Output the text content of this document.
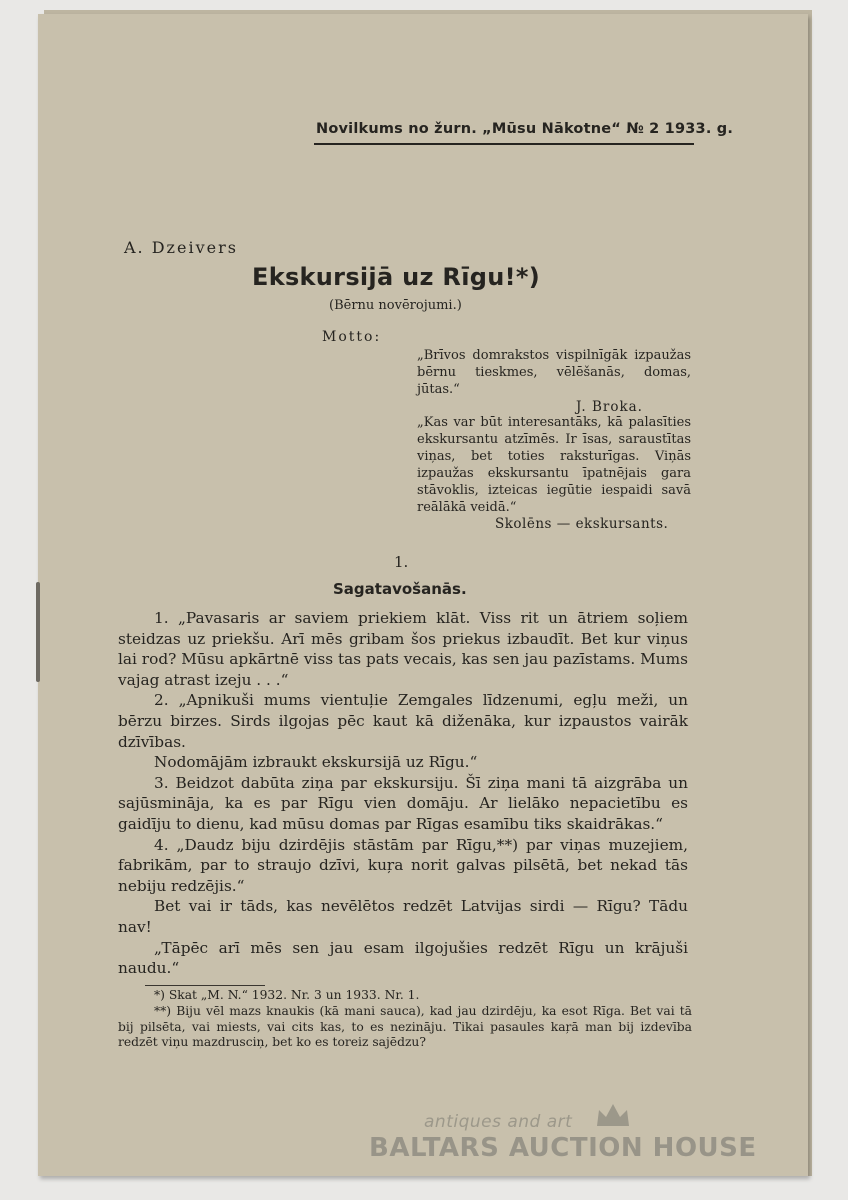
Novilkums no žurn. „Mūsu Nākotne“ № 2 1933. g.
A. Dzeivers
Ekskursijā uz Rīgu!*)
(Bērnu novērojumi.)
Motto:
„Brīvos domrakstos vispilnīgāk izpaužas bērnu tieskmes, vēlēšanās, domas, jūtas.“
J. Broka.
„Kas var būt interesantāks, kā palasīties ekskursantu atzīmēs. Ir īsas, saraustītas viņas, bet toties raksturīgas. Viņās izpaužas ekskursantu īpatnējais gara stāvoklis, izteicas iegūtie iespaidi savā reālākā veidā.“
Skolēns — ekskursants.
1.
Sagatavošanās.

1. „Pavasaris ar saviem priekiem klāt. Viss rit un ātriem soļiem steidzas uz priekšu. Arī mēs gribam šos priekus izbaudīt. Bet kur viņus lai rod? Mūsu apkārtnē viss tas pats vecais, kas sen jau pazīstams. Mums vajag atrast izeju . . .“

2. „Apnikuši mums vientuļie Zemgales līdzenumi, egļu meži, un bērzu birzes. Sirds ilgojas pēc kaut kā diženāka, kur izpaustos vairāk dzīvības.

Nodomājām izbraukt ekskursijā uz Rīgu.“

3. Beidzot dabūta ziņa par ekskursiju. Šī ziņa mani tā aizgrāba un sajūsmināja, ka es par Rīgu vien domāju. Ar lielāko nepacietību es gaidīju to dienu, kad mūsu domas par Rīgas esamību tiks skaidrākas.“

4. „Daudz biju dzirdējis stāstām par Rīgu,**) par viņas muzejiem, fabrikām, par to straujo dzīvi, kuŗa norit galvas pilsētā, bet nekad tās nebiju redzējis.“

Bet vai ir tāds, kas nevēlētos redzēt Latvijas sirdi — Rīgu? Tādu nav!

„Tāpēc arī mēs sen jau esam ilgojušies redzēt Rīgu un krājuši naudu.“

*) Skat „M. N.“ 1932. Nr. 3 un 1933. Nr. 1.

**) Biju vēl mazs knaukis (kā mani sauca), kad jau dzirdēju, ka esot Rīga. Bet vai tā bij pilsēta, vai miests, vai cits kas, to es nezināju. Tikai pasaules kaŗā man bij izdevība redzēt viņu mazdrusciņ, bet ko es toreiz sajēdzu?

antiques and art
BALTARS AUCTION HOUSE
